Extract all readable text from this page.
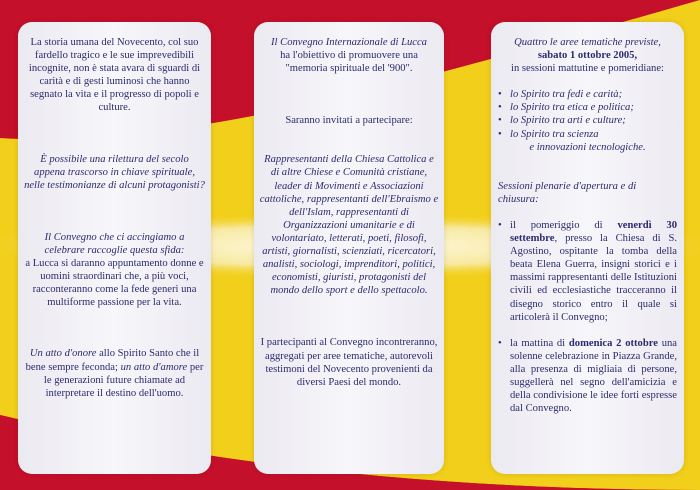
La storia umana del Novecento, col suo fardello tragico e le sue imprevedibili incognite, non è stata avara di sguardi di carità e di gesti luminosi che hanno segnato la vita e il progresso di popoli e culture.

È possibile una rilettura del secolo appena trascorso in chiave spirituale, nelle testimonianze di alcuni protagonisti?

Il Convegno che ci accingiamo a celebrare raccoglie questa sfida:

a Lucca si daranno appuntamento donne e uomini straordinari che, a più voci, racconteranno come la fede generi una multiforme passione per la vita.

Un atto d'onore allo Spirito Santo che il bene sempre feconda; un atto d'amore per le generazioni future chiamate ad interpretare il destino dell'uomo.

Il Convegno Internazionale di Lucca

ha l'obiettivo di promuovere una "memoria spirituale del '900".

Saranno invitati a partecipare:

Rappresentanti della Chiesa Cattolica e di altre Chiese e Comunità cristiane, leader di Movimenti e Associazioni cattoliche, rappresentanti dell'Ebraismo e dell'Islam, rappresentanti di Organizzazioni umanitarie e di volontariato, letterati, poeti, filosofi, artisti, giornalisti, scienziati, ricercatori, analisti, sociologi, imprenditori, politici, economisti, giuristi, protagonisti del mondo dello sport e dello spettacolo.

I partecipanti al Convegno incontreranno, aggregati per aree tematiche, autorevoli testimoni del Novecento provenienti da diversi Paesi del mondo.

Quattro le aree tematiche previste,

sabato 1 ottobre 2005,

in sessioni mattutine e pomeridiane:

• lo Spirito tra fedi e carità;
• lo Spirito tra etica e politica;
• lo Spirito tra arti e culture;
• lo Spirito tra scienza

e innovazioni tecnologiche.

Sessioni plenarie d'apertura e di chiusura:

• il pomeriggio di venerdì 30 settembre, presso la Chiesa di S. Agostino, ospitante la tomba della beata Elena Guerra, insigni storici e i massimi rappresentanti delle Istituzioni civili ed ecclesiastiche tracceranno il disegno storico entro il quale si articolerà il Convegno;
• la mattina di domenica 2 ottobre una solenne celebrazione in Piazza Grande, alla presenza di migliaia di persone, suggellerà nel segno dell'amicizia e della condivisione le idee forti espresse dal Convegno.
